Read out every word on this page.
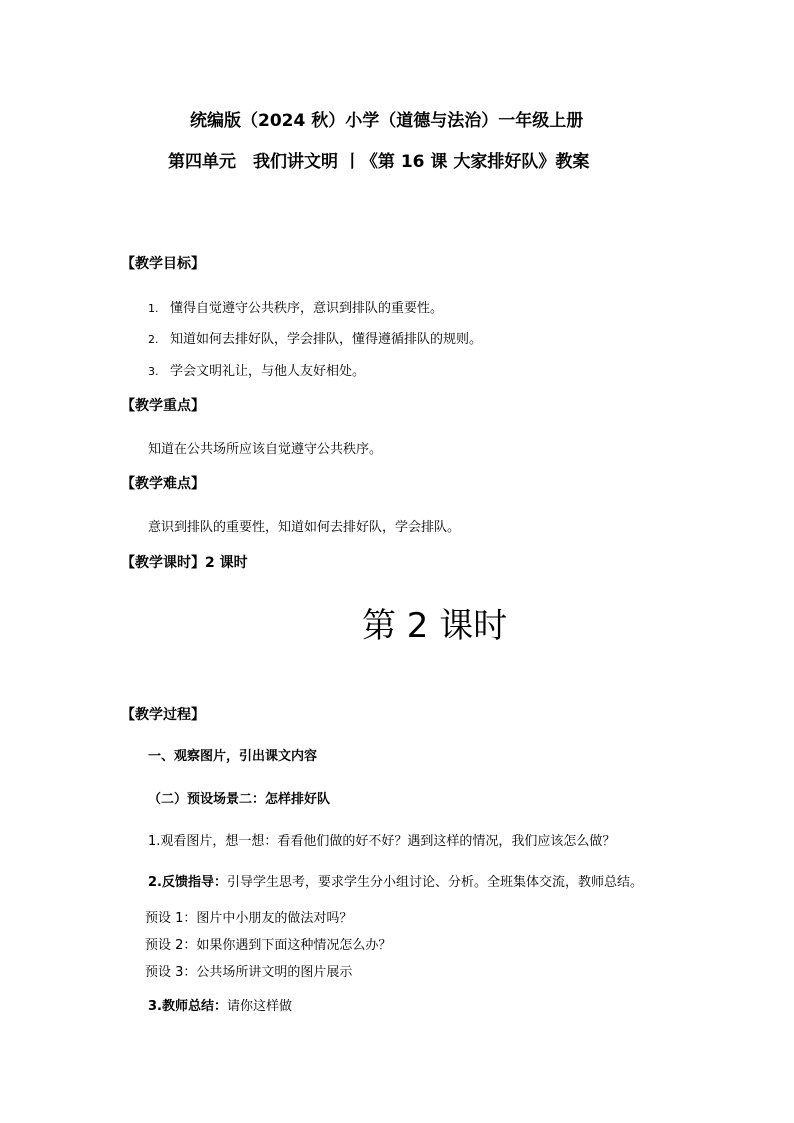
统编版（2024 秋）小学（道德与法治）一年级上册
第四单元　我们讲文明 丨《第 16 课 大家排好队》教案
【教学目标】
1. 懂得自觉遵守公共秩序，意识到排队的重要性。
2. 知道如何去排好队，学会排队，懂得遵循排队的规则。
3. 学会文明礼让，与他人友好相处。
【教学重点】
知道在公共场所应该自觉遵守公共秩序。
【教学难点】
意识到排队的重要性，知道如何去排好队，学会排队。
【教学课时】2 课时
第 2 课时
【教学过程】
一、观察图片，引出课文内容
（二）预设场景二：怎样排好队
1.观看图片，想一想：看看他们做的好不好？遇到这样的情况，我们应该怎么做？
2.反馈指导：引导学生思考，要求学生分小组讨论、分析。全班集体交流，教师总结。
预设 1：图片中小朋友的做法对吗？
预设 2：如果你遇到下面这种情况怎么办？
预设 3：公共场所讲文明的图片展示
3.教师总结：请你这样做
